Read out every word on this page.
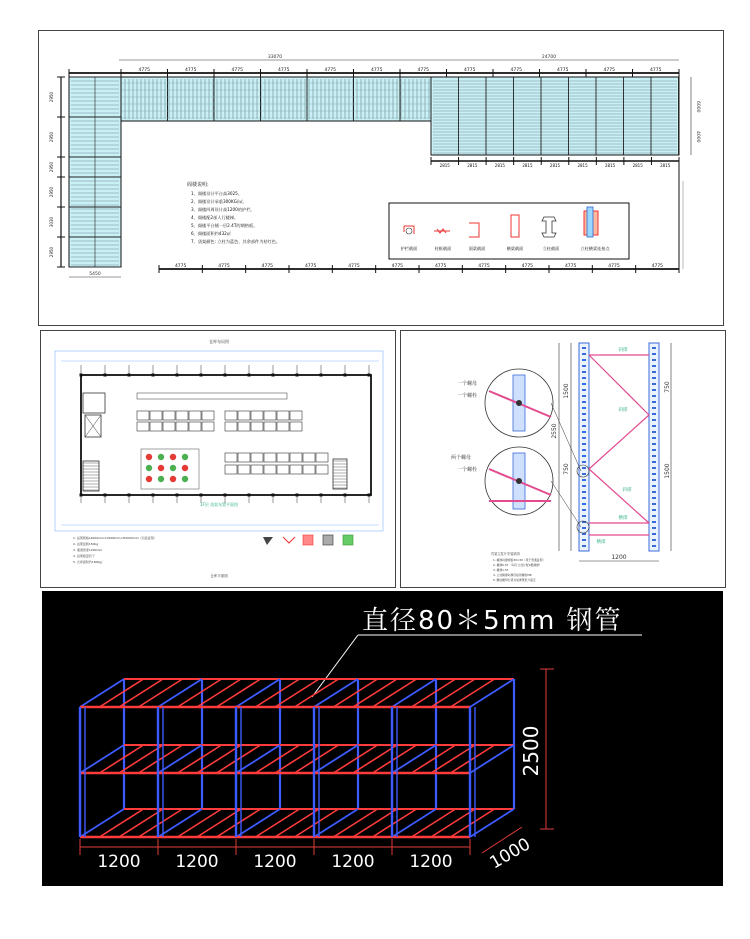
33070	24700
4775	4775	4775	4775	4775	4775	4775	4775	4775	4775	4775	4775
2815	2815	2815	2815	2815	2815	2815	2815	2815
6000
4000
2950
2950
2950
2950
3030
2950
5450
4775	4775	4775	4775	4775	4775	4775	4775	4775	4775	4775	4775
阁楼说明:
1、阁楼设计平台高3025。
2、阁楼设计承重300KG/㎡。
3、阁楼四周设计高1200的护栏。
4、阁楼配2部人行楼梯。
5、阁楼平台铺一层2.4T的钢格板。
6、阁楼面积约432㎡
7、货架颜色: 立柱为蓝色、其余部件为桔红色。
护栏截面	柱框截面	面梁截面	横梁截面	立柱截面	立柱横梁连接点
仓库布局图
1F层 货架布置平面图
1. 货架规格L2000mm×D600mm×H2000mm（四层货架）
2. 货架层载150kg
3. 通道宽度1200mm
4. 货架数量若干
5. 仓库面积约1800㎡
仓库平面图
斜撑
斜撑
斜撑
横撑
横撑
2550
1500
750
750
1500
1200
一个螺母
一个螺栓
两个螺母
一个螺栓
货架立柱片安装说明
1. 横撑斜撑规格30×30（用于普通货架）
2. 横撑0.5T （每片立柱片配2根横撑）
3. 横撑1.5T
4. 立柱横撑斜撑连接用螺栓M8
5. 螺栓螺母拧紧并加弹簧垫片固定
直径80＊5mm 钢管
2500
1000
1200 1200 1200 1200 1200
